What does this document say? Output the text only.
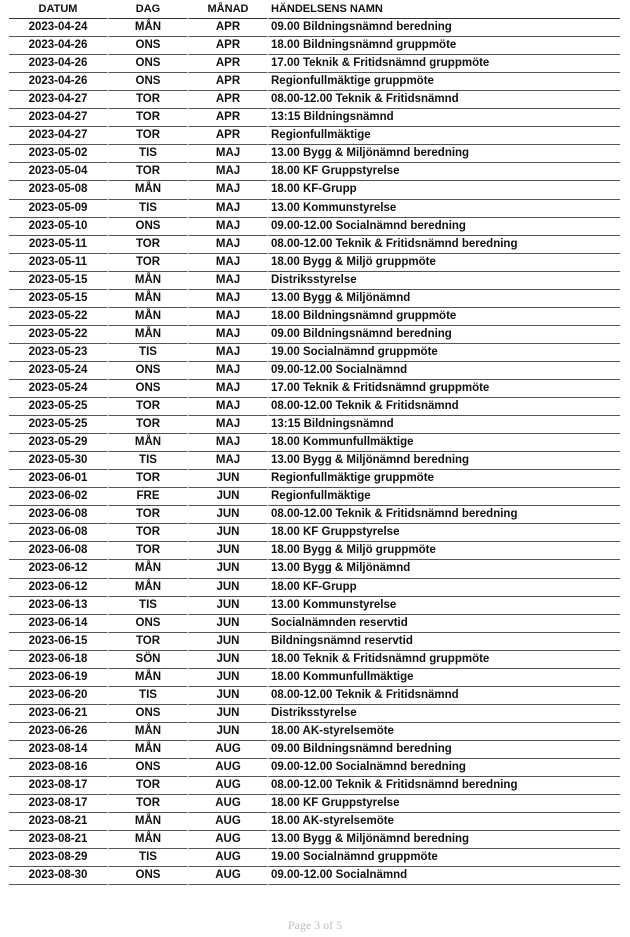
DATUM	DAG	MÅNAD	HÄNDELSENS NAMN
2023-04-24	MÅN	APR	09.00 Bildningsnämnd beredning
2023-04-26	ONS	APR	18.00 Bildningsnämnd gruppmöte
2023-04-26	ONS	APR	17.00 Teknik & Fritidsnämnd gruppmöte
2023-04-26	ONS	APR	Regionfullmäktige gruppmöte
2023-04-27	TOR	APR	08.00-12.00 Teknik & Fritidsnämnd
2023-04-27	TOR	APR	13:15 Bildningsnämnd
2023-04-27	TOR	APR	Regionfullmäktige
2023-05-02	TIS	MAJ	13.00 Bygg & Miljönämnd beredning
2023-05-04	TOR	MAJ	18.00 KF Gruppstyrelse
2023-05-08	MÅN	MAJ	18.00 KF-Grupp
2023-05-09	TIS	MAJ	13.00 Kommunstyrelse
2023-05-10	ONS	MAJ	09.00-12.00 Socialnämnd beredning
2023-05-11	TOR	MAJ	08.00-12.00 Teknik & Fritidsnämnd beredning
2023-05-11	TOR	MAJ	18.00 Bygg & Miljö gruppmöte
2023-05-15	MÅN	MAJ	Distriksstyrelse
2023-05-15	MÅN	MAJ	13.00 Bygg & Miljönämnd
2023-05-22	MÅN	MAJ	18.00 Bildningsnämnd gruppmöte
2023-05-22	MÅN	MAJ	09.00 Bildningsnämnd beredning
2023-05-23	TIS	MAJ	19.00 Socialnämnd gruppmöte
2023-05-24	ONS	MAJ	09.00-12.00 Socialnämnd
2023-05-24	ONS	MAJ	17.00 Teknik & Fritidsnämnd gruppmöte
2023-05-25	TOR	MAJ	08.00-12.00 Teknik & Fritidsnämnd
2023-05-25	TOR	MAJ	13:15 Bildningsnämnd
2023-05-29	MÅN	MAJ	18.00 Kommunfullmäktige
2023-05-30	TIS	MAJ	13.00 Bygg & Miljönämnd beredning
2023-06-01	TOR	JUN	Regionfullmäktige gruppmöte
2023-06-02	FRE	JUN	Regionfullmäktige
2023-06-08	TOR	JUN	08.00-12.00 Teknik & Fritidsnämnd beredning
2023-06-08	TOR	JUN	18.00 KF Gruppstyrelse
2023-06-08	TOR	JUN	18.00 Bygg & Miljö gruppmöte
2023-06-12	MÅN	JUN	13.00 Bygg & Miljönämnd
2023-06-12	MÅN	JUN	18.00 KF-Grupp
2023-06-13	TIS	JUN	13.00 Kommunstyrelse
2023-06-14	ONS	JUN	Socialnämnden reservtid
2023-06-15	TOR	JUN	Bildningsnämnd reservtid
2023-06-18	SÖN	JUN	18.00 Teknik & Fritidsnämnd gruppmöte
2023-06-19	MÅN	JUN	18.00 Kommunfullmäktige
2023-06-20	TIS	JUN	08.00-12.00 Teknik & Fritidsnämnd
2023-06-21	ONS	JUN	Distriksstyrelse
2023-06-26	MÅN	JUN	18.00 AK-styrelsemöte
2023-08-14	MÅN	AUG	09.00 Bildningsnämnd beredning
2023-08-16	ONS	AUG	09.00-12.00 Socialnämnd beredning
2023-08-17	TOR	AUG	08.00-12.00 Teknik & Fritidsnämnd beredning
2023-08-17	TOR	AUG	18.00 KF Gruppstyrelse
2023-08-21	MÅN	AUG	18.00 AK-styrelsemöte
2023-08-21	MÅN	AUG	13.00 Bygg & Miljönämnd beredning
2023-08-29	TIS	AUG	19.00 Socialnämnd gruppmöte
2023-08-30	ONS	AUG	09.00-12.00 Socialnämnd
Page 3 of 5
